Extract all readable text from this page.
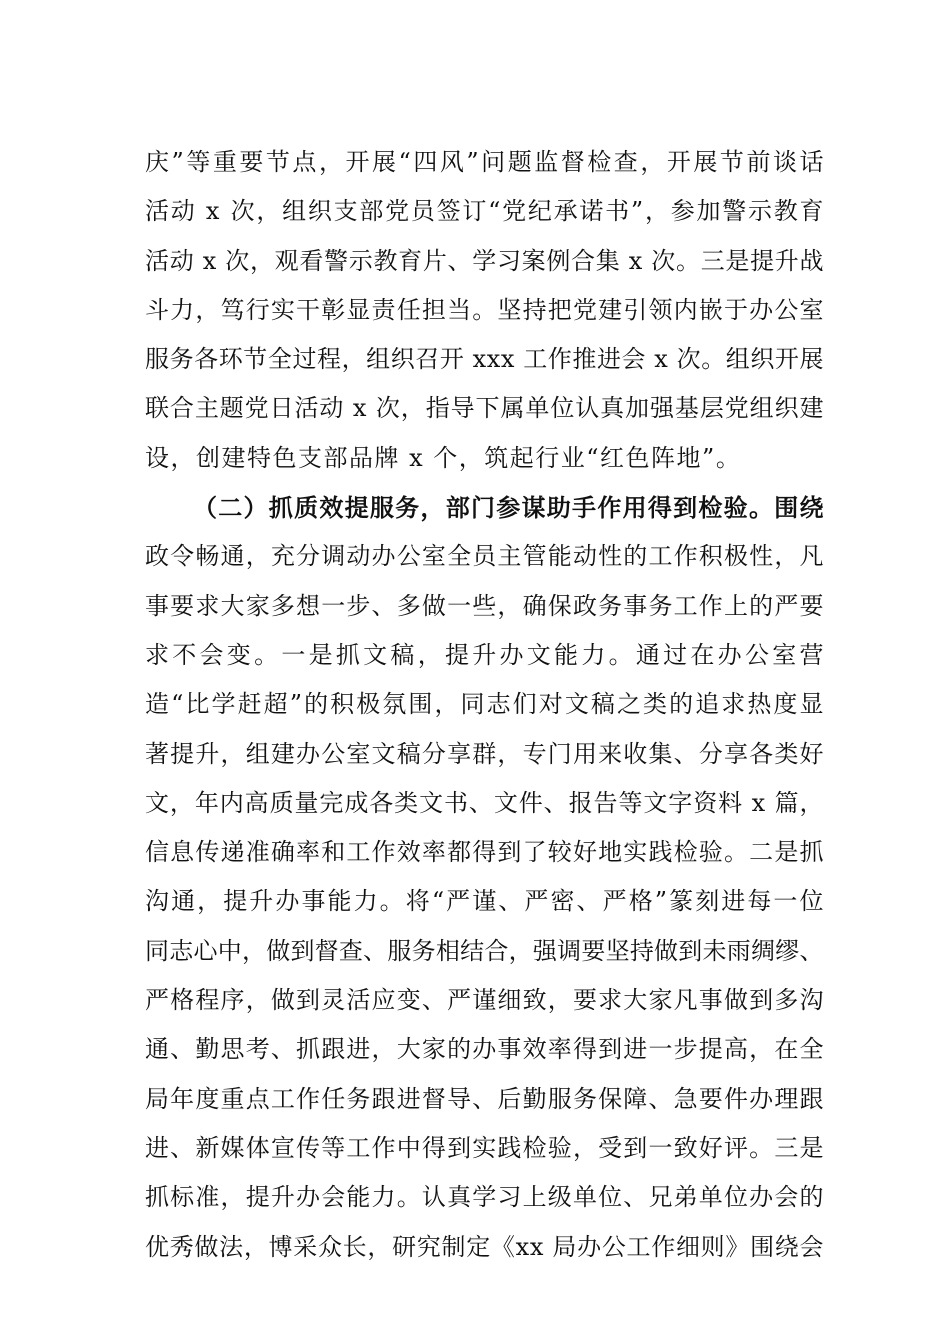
庆”等重要节点，开展“四风”问题监督检查，开展节前谈话
活动 x 次，组织支部党员签订“党纪承诺书”，参加警示教育
活动 x 次，观看警示教育片、学习案例合集 x 次。三是提升战
斗力，笃行实干彰显责任担当。坚持把党建引领内嵌于办公室
服务各环节全过程，组织召开 xxx 工作推进会 x 次。组织开展
联合主题党日活动 x 次，指导下属单位认真加强基层党组织建
设，创建特色支部品牌 x 个，筑起行业“红色阵地”。
（二）抓质效提服务，部门参谋助手作用得到检验。围绕
政令畅通，充分调动办公室全员主管能动性的工作积极性，凡
事要求大家多想一步、多做一些，确保政务事务工作上的严要
求不会变。一是抓文稿，提升办文能力。通过在办公室营
造“比学赶超”的积极氛围，同志们对文稿之类的追求热度显
著提升，组建办公室文稿分享群，专门用来收集、分享各类好
文，年内高质量完成各类文书、文件、报告等文字资料 x 篇，
信息传递准确率和工作效率都得到了较好地实践检验。二是抓
沟通，提升办事能力。将“严谨、严密、严格”篆刻进每一位
同志心中，做到督查、服务相结合，强调要坚持做到未雨绸缪、
严格程序，做到灵活应变、严谨细致，要求大家凡事做到多沟
通、勤思考、抓跟进，大家的办事效率得到进一步提高，在全
局年度重点工作任务跟进督导、后勤服务保障、急要件办理跟
进、新媒体宣传等工作中得到实践检验，受到一致好评。三是
抓标准，提升办会能力。认真学习上级单位、兄弟单位办会的
优秀做法，博采众长，研究制定《xx 局办公工作细则》围绕会
